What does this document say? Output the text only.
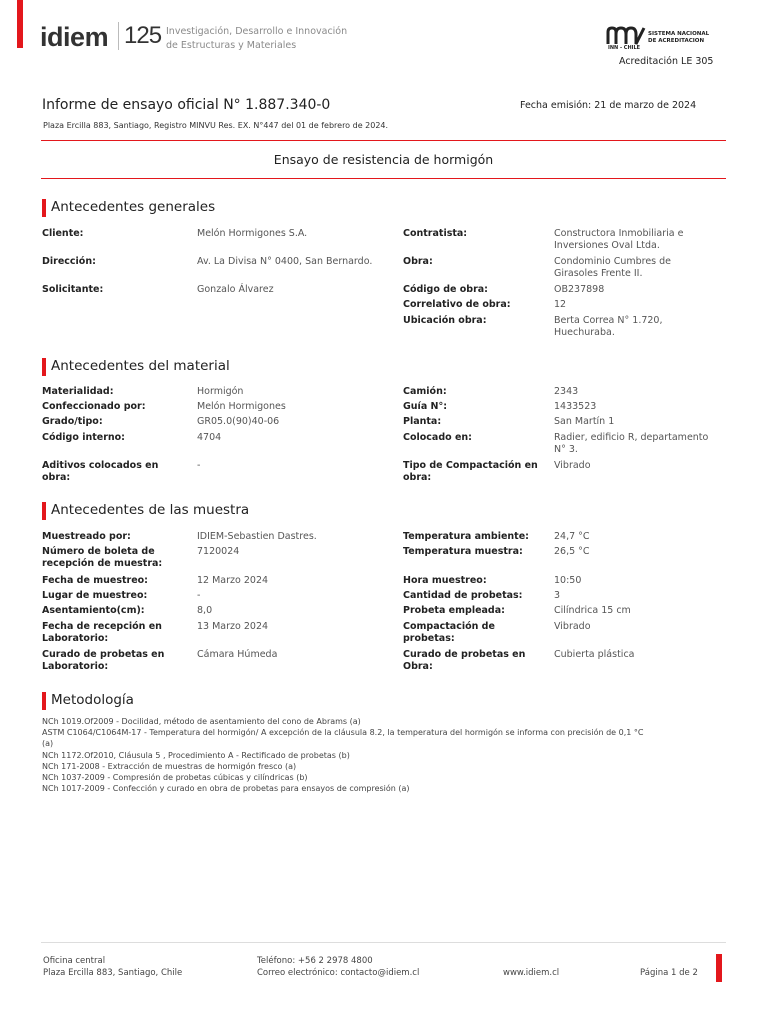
idiem 125 Investigación, Desarrollo e Innovación
de Estructuras y Materiales	INN - CHILE
SISTEMA NACIONAL
DE ACREDITACION
Acreditación LE 305
Informe de ensayo oficial N° 1.887.340-0	Fecha emisión: 21 de marzo de 2024
Plaza Ercilla 883, Santiago, Registro MINVU Res. EX. N°447 del 01 de febrero de 2024.
Ensayo de resistencia de hormigón
Antecedentes generales
Cliente:	Melón Hormigones S.A.
Dirección:	Av. La Divisa N° 0400, San Bernardo.
Solicitante:	Gonzalo Álvarez
Contratista:	Constructora Inmobiliaria e
Inversiones Oval Ltda.
Obra:	Condominio Cumbres de
Girasoles Frente II.
Código de obra:	OB237898
Correlativo de obra:	12
Ubicación obra:	Berta Correa N° 1.720,
Huechuraba.
Antecedentes del material
Materialidad:	Hormigón
Confeccionado por:	Melón Hormigones
Grado/tipo:	GR05.0(90)40-06
Código interno:	4704
Aditivos colocados en
obra:
-
Camión:	2343
Guía N°:	1433523
Planta:	San Martín 1
Colocado en:	Radier, edificio R, departamento
N° 3.
Tipo de Compactación en
obra:
Vibrado
Antecedentes de las muestra
Muestreado por:	IDIEM-Sebastien Dastres.
Número de boleta de
recepción de muestra:
7120024
Fecha de muestreo:	12 Marzo 2024
Lugar de muestreo:	-
Asentamiento(cm):	8,0
Fecha de recepción en
Laboratorio:
13 Marzo 2024
Curado de probetas en
Laboratorio:
Cámara Húmeda
Temperatura ambiente:	24,7 °C
Temperatura muestra:	26,5 °C
Hora muestreo:	10:50
Cantidad de probetas:	3
Probeta empleada:	Cilíndrica 15 cm
Compactación de
probetas:
Vibrado
Curado de probetas en
Obra:
Cubierta plástica
Metodología
NCh 1019.Of2009 - Docilidad, método de asentamiento del cono de Abrams (a)
ASTM C1064/C1064M-17 - Temperatura del hormigón/ A excepción de la cláusula 8.2, la temperatura del hormigón se informa con precisión de 0,1 °C
(a)
NCh 1172.Of2010, Cláusula 5 , Procedimiento A - Rectificado de probetas (b)
NCh 171-2008 - Extracción de muestras de hormigón fresco (a)
NCh 1037-2009 - Compresión de probetas cúbicas y cilíndricas (b)
NCh 1017-2009 - Confección y curado en obra de probetas para ensayos de compresión (a)
Oficina central
Plaza Ercilla 883, Santiago, Chile
Teléfono: +56 2 2978 4800
Correo electrónico: contacto@idiem.cl	www.idiem.cl	Página 1 de 2
